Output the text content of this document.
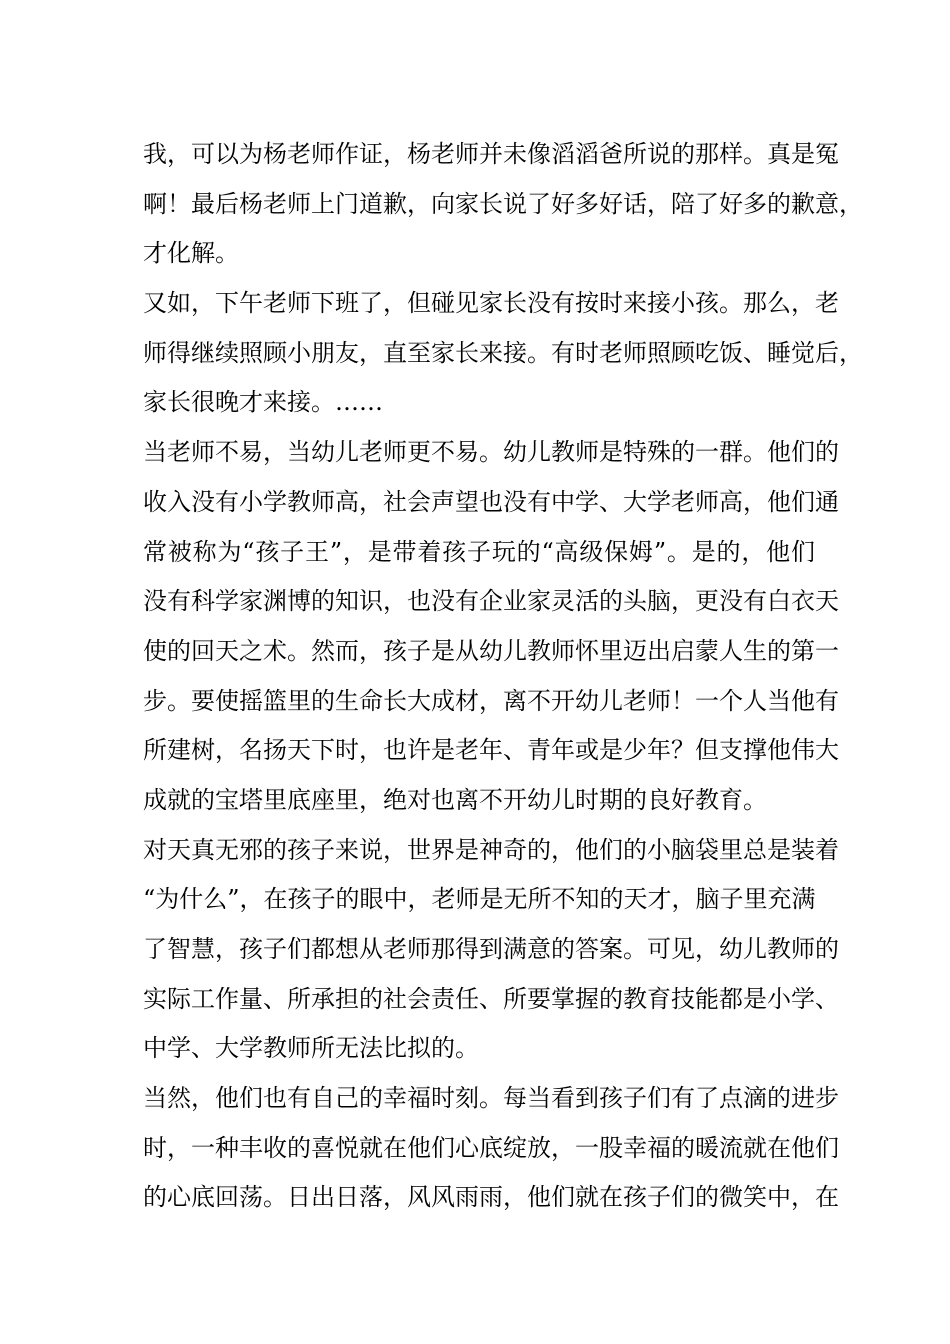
我，可以为杨老师作证，杨老师并未像滔滔爸所说的那样。真是冤
啊！最后杨老师上门道歉，向家长说了好多好话，陪了好多的歉意，
才化解。
又如，下午老师下班了，但碰见家长没有按时来接小孩。那么，老
师得继续照顾小朋友，直至家长来接。有时老师照顾吃饭、睡觉后，
家长很晚才来接。……
当老师不易，当幼儿老师更不易。幼儿教师是特殊的一群。他们的
收入没有小学教师高，社会声望也没有中学、大学老师高，他们通
常被称为“孩子王”，是带着孩子玩的“高级保姆”。是的，他们
没有科学家渊博的知识，也没有企业家灵活的头脑，更没有白衣天
使的回天之术。然而，孩子是从幼儿教师怀里迈出启蒙人生的第一
步。要使摇篮里的生命长大成材，离不开幼儿老师！一个人当他有
所建树，名扬天下时，也许是老年、青年或是少年？但支撑他伟大
成就的宝塔里底座里，绝对也离不开幼儿时期的良好教育。
对天真无邪的孩子来说，世界是神奇的，他们的小脑袋里总是装着
“为什么”，在孩子的眼中，老师是无所不知的天才，脑子里充满
了智慧，孩子们都想从老师那得到满意的答案。可见，幼儿教师的
实际工作量、所承担的社会责任、所要掌握的教育技能都是小学、
中学、大学教师所无法比拟的。
当然，他们也有自己的幸福时刻。每当看到孩子们有了点滴的进步
时，一种丰收的喜悦就在他们心底绽放，一股幸福的暖流就在他们
的心底回荡。日出日落，风风雨雨，他们就在孩子们的微笑中，在
